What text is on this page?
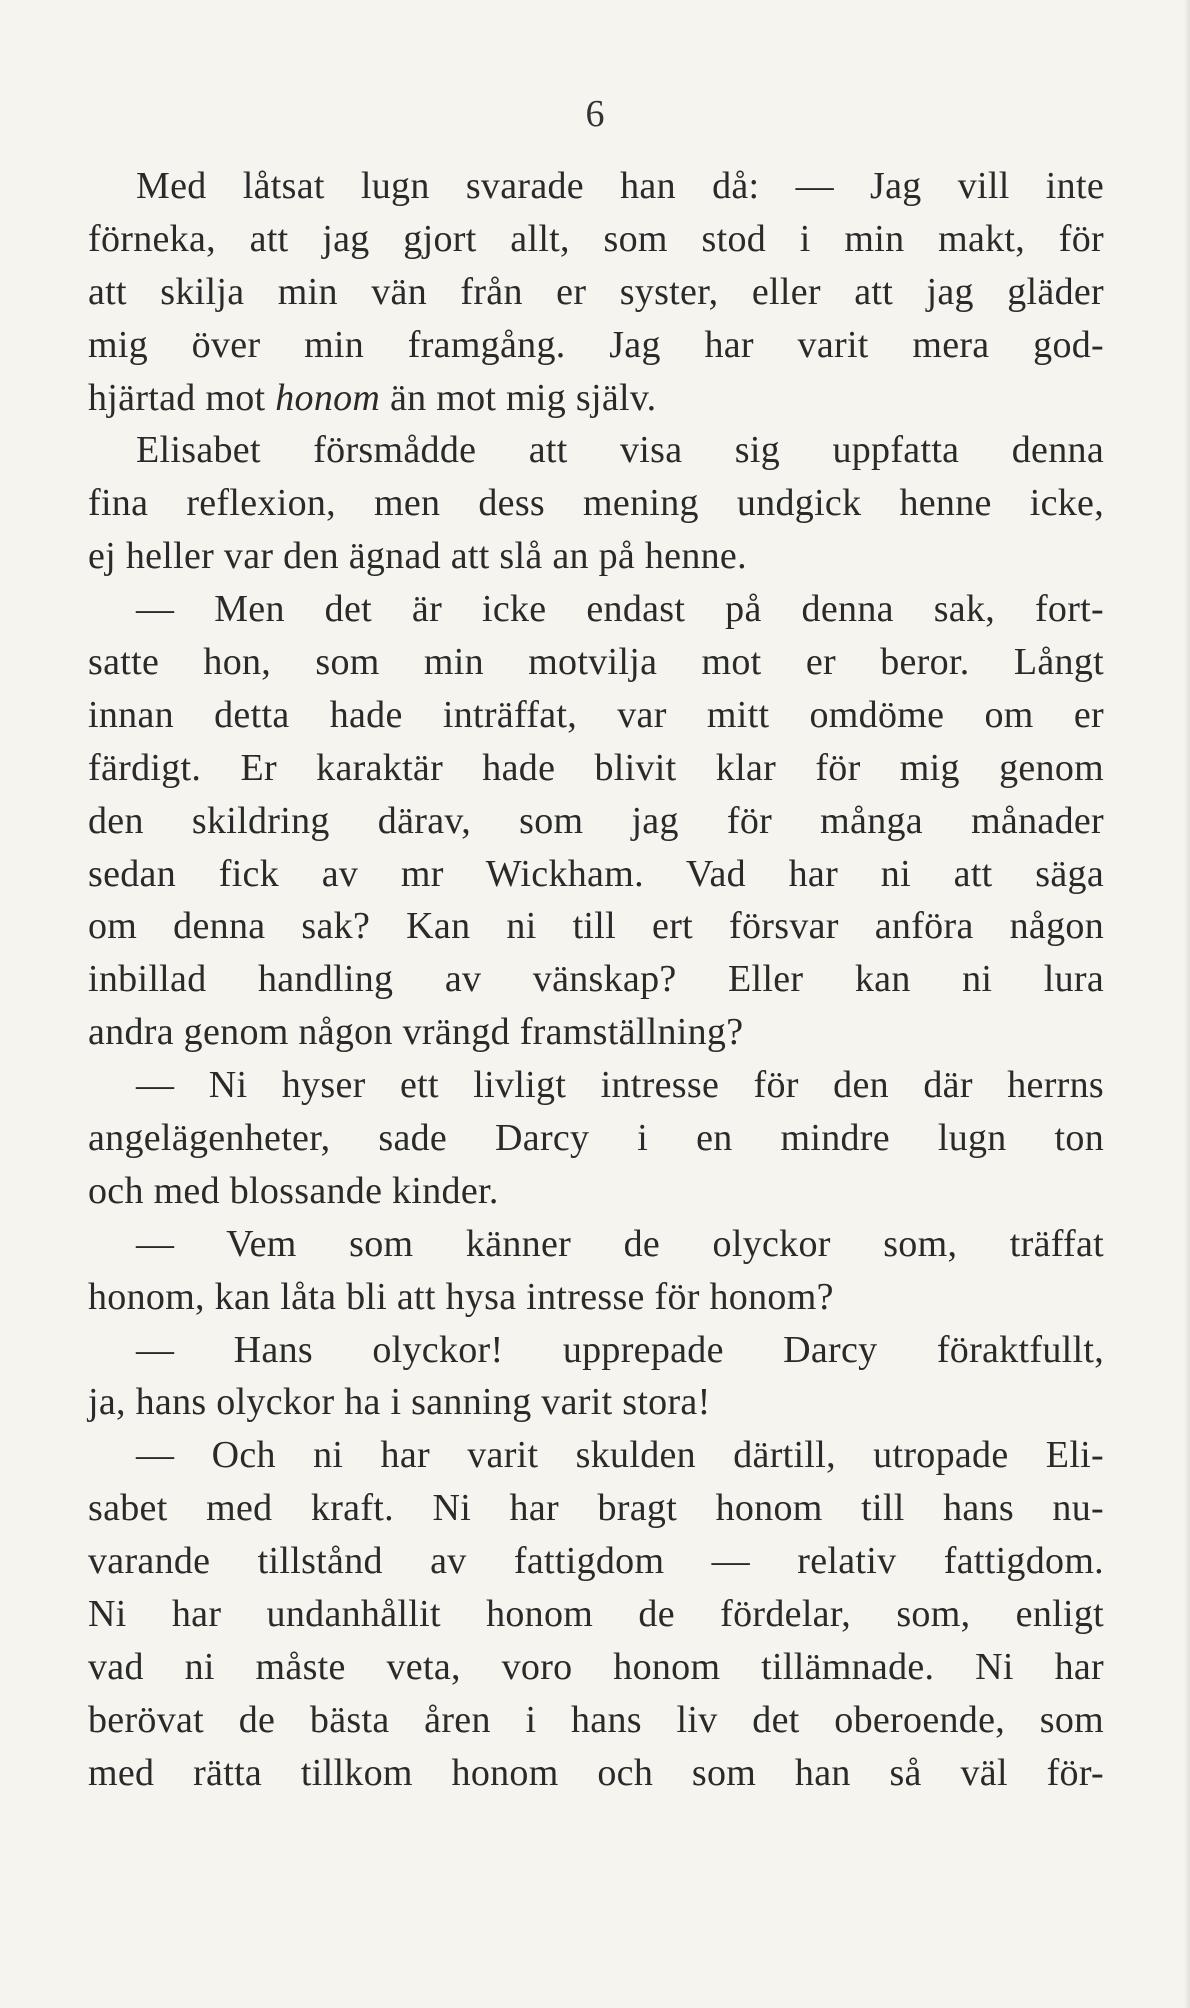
6
Med låtsat lugn svarade han då: — Jag vill inte
förneka, att jag gjort allt, som stod i min makt, för
att skilja min vän från er syster, eller att jag gläder
mig över min framgång. Jag har varit mera god-
hjärtad mot honom än mot mig själv.
Elisabet försmådde att visa sig uppfatta denna
fina reflexion, men dess mening undgick henne icke,
ej heller var den ägnad att slå an på henne.
— Men det är icke endast på denna sak, fort-
satte hon, som min motvilja mot er beror. Långt
innan detta hade inträffat, var mitt omdöme om er
färdigt. Er karaktär hade blivit klar för mig genom
den skildring därav, som jag för många månader
sedan fick av mr Wickham. Vad har ni att säga
om denna sak? Kan ni till ert försvar anföra någon
inbillad handling av vänskap? Eller kan ni lura
andra genom någon vrängd framställning?
— Ni hyser ett livligt intresse för den där herrns
angelägenheter, sade Darcy i en mindre lugn ton
och med blossande kinder.
— Vem som känner de olyckor som, träffat
honom, kan låta bli att hysa intresse för honom?
— Hans olyckor! upprepade Darcy föraktfullt,
ja, hans olyckor ha i sanning varit stora!
— Och ni har varit skulden därtill, utropade Eli-
sabet med kraft. Ni har bragt honom till hans nu-
varande tillstånd av fattigdom — relativ fattigdom.
Ni har undanhållit honom de fördelar, som, enligt
vad ni måste veta, voro honom tillämnade. Ni har
berövat de bästa åren i hans liv det oberoende, som
med rätta tillkom honom och som han så väl för-
